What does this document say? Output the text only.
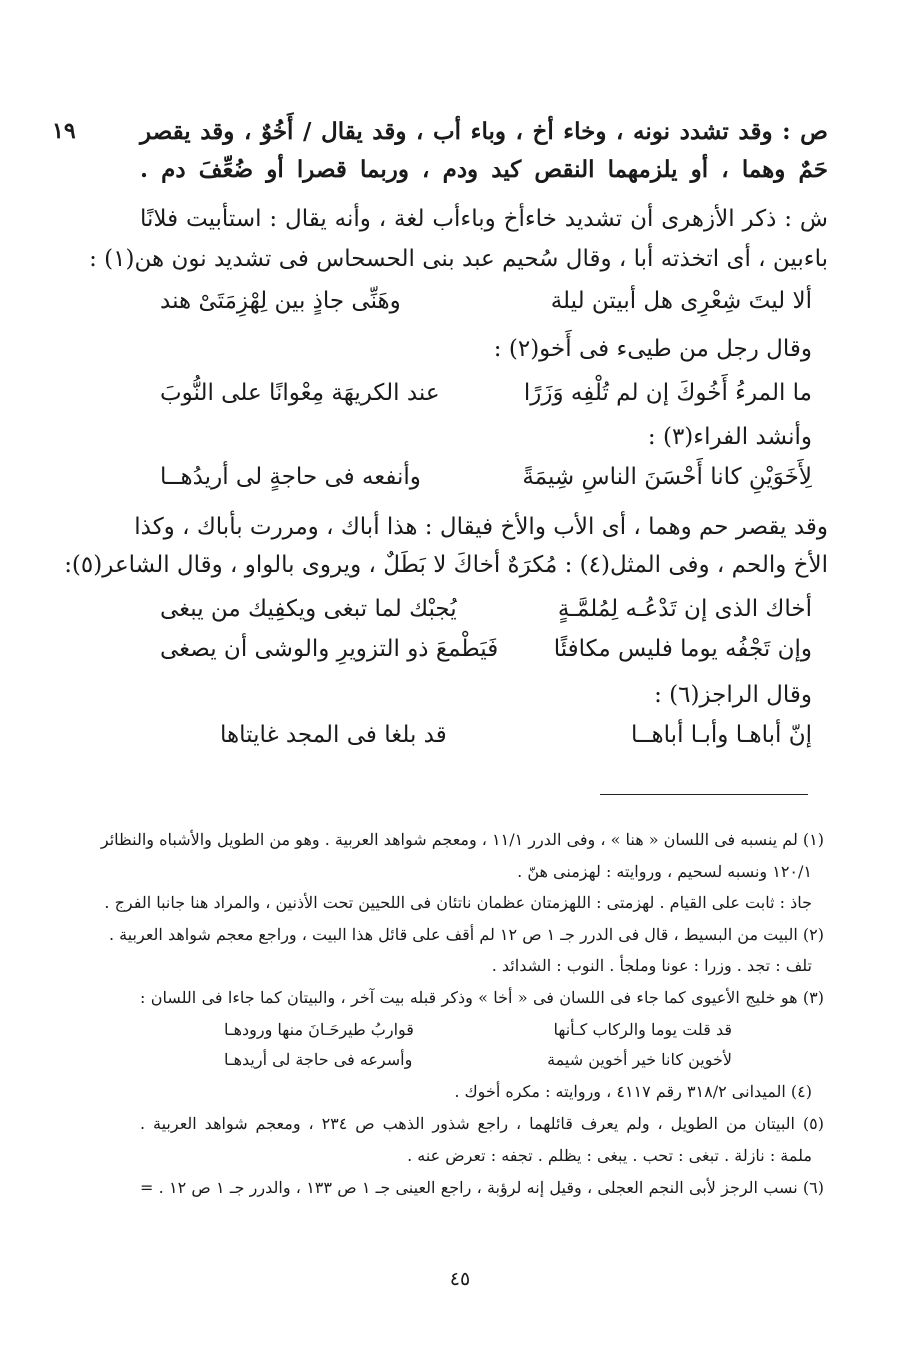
١٩	ص : وقد تشدد نونه ، وخاء أخ ، وباء أب ، وقد يقال / أَخُوٌ ، وقد يقصر
حَمٌ وهما ، أو يلزمهما النقص كيد ودم ، وربما قصرا أو ضُعِّفَ دم .
ش : ذكر الأزهرى أن تشديد خاءأخ وباءأب لغة ، وأنه يقال : استأبيت فلانًا
باءبين ، أى اتخذته أبا ، وقال سُحيم عبد بنى الحسحاس فى تشديد نون هن(١) :
ألا ليتَ شِعْرِى هل أبيتن ليلة
وهَنِّى جاذٍ بين لِهْزِمَتَىْ هند
وقال رجل من طيىء فى أَخو(٢) :
ما المرءُ أَخُوكَ إن لم تُلْفِه وَزَرًا
عند الكريهَة مِعْوانًا على النُّوبَ
وأنشد الفراء(٣) :
لِأَخَوَيْنِ كانا أَحْسَنَ الناسِ شِيمَةً
وأنفعه فى حاجةٍ لى أريدُهــا
وقد يقصر حم وهما ، أى الأب والأخ فيقال : هذا أباك ، ومررت بأباك ، وكذا
الأخ والحم ، وفى المثل(٤) : مُكرَهٌ أخاكَ لا بَطَلٌ ، ويروى بالواو ، وقال الشاعر(٥):
أخاك الذى إن تَدْعُـه لِمُلمَّـةٍ
يُجبْك لما تبغى ويكفِيك من يبغى
وإن تَجْفُه يوما فليس مكافئًا
فَيَطْمعَ ذو التزويرِ والوشى أن يصغى
وقال الراجز(٦) :
إنّ أباهـا وأبـا أباهــا
قد بلغا فى المجد غايتاها
(١) لم ينسبه فى اللسان « هنا » ، وفى الدرر ١١/١ ، ومعجم شواهد العربية . وهو من الطويل والأشباه والنظائر
١٢٠/١ ونسبه لسحيم ، وروايته : لهزمنى هنّ .
جاذ : ثابت على القيام . لهزمتى : اللهزمتان عظمان ناتئان فى اللحيين تحت الأذنين ، والمراد هنا جانبا الفرج .
(٢) البيت من البسيط ، قال فى الدرر جـ ١ ص ١٢ لم أقف على قائل هذا البيت ، وراجع معجم شواهد العربية .
تلف : تجد . وزرا : عونا وملجأ . النوب : الشدائد .
(٣) هو خليج الأعيوى كما جاء فى اللسان فى « أخا » وذكر قبله بيت آخر ، والبيتان كما جاءا فى اللسان :
قد قلت يوما والركاب كـأنها
قواربُ طيرحَـانَ منها ورودهـا
لأخوين كانا خير أخوين شيمة
وأسرعه فى حاجة لى أريدهـا
(٤) الميدانى ٣١٨/٢ رقم ٤١١٧ ، وروايته : مكره أخوك .
(٥) البيتان من الطويل ، ولم يعرف قائلهما ، راجع شذور الذهب ص ٢٣٤ ، ومعجم شواهد العربية .
ملمة : نازلة . تبغى : تحب . يبغى : يظلم . تجفه : تعرض عنه .
(٦) نسب الرجز لأبى النجم العجلى ، وقيل إنه لرؤبة ، راجع العينى جـ ١ ص ١٣٣ ، والدرر جـ ١ ص ١٢ . =
٤٥
